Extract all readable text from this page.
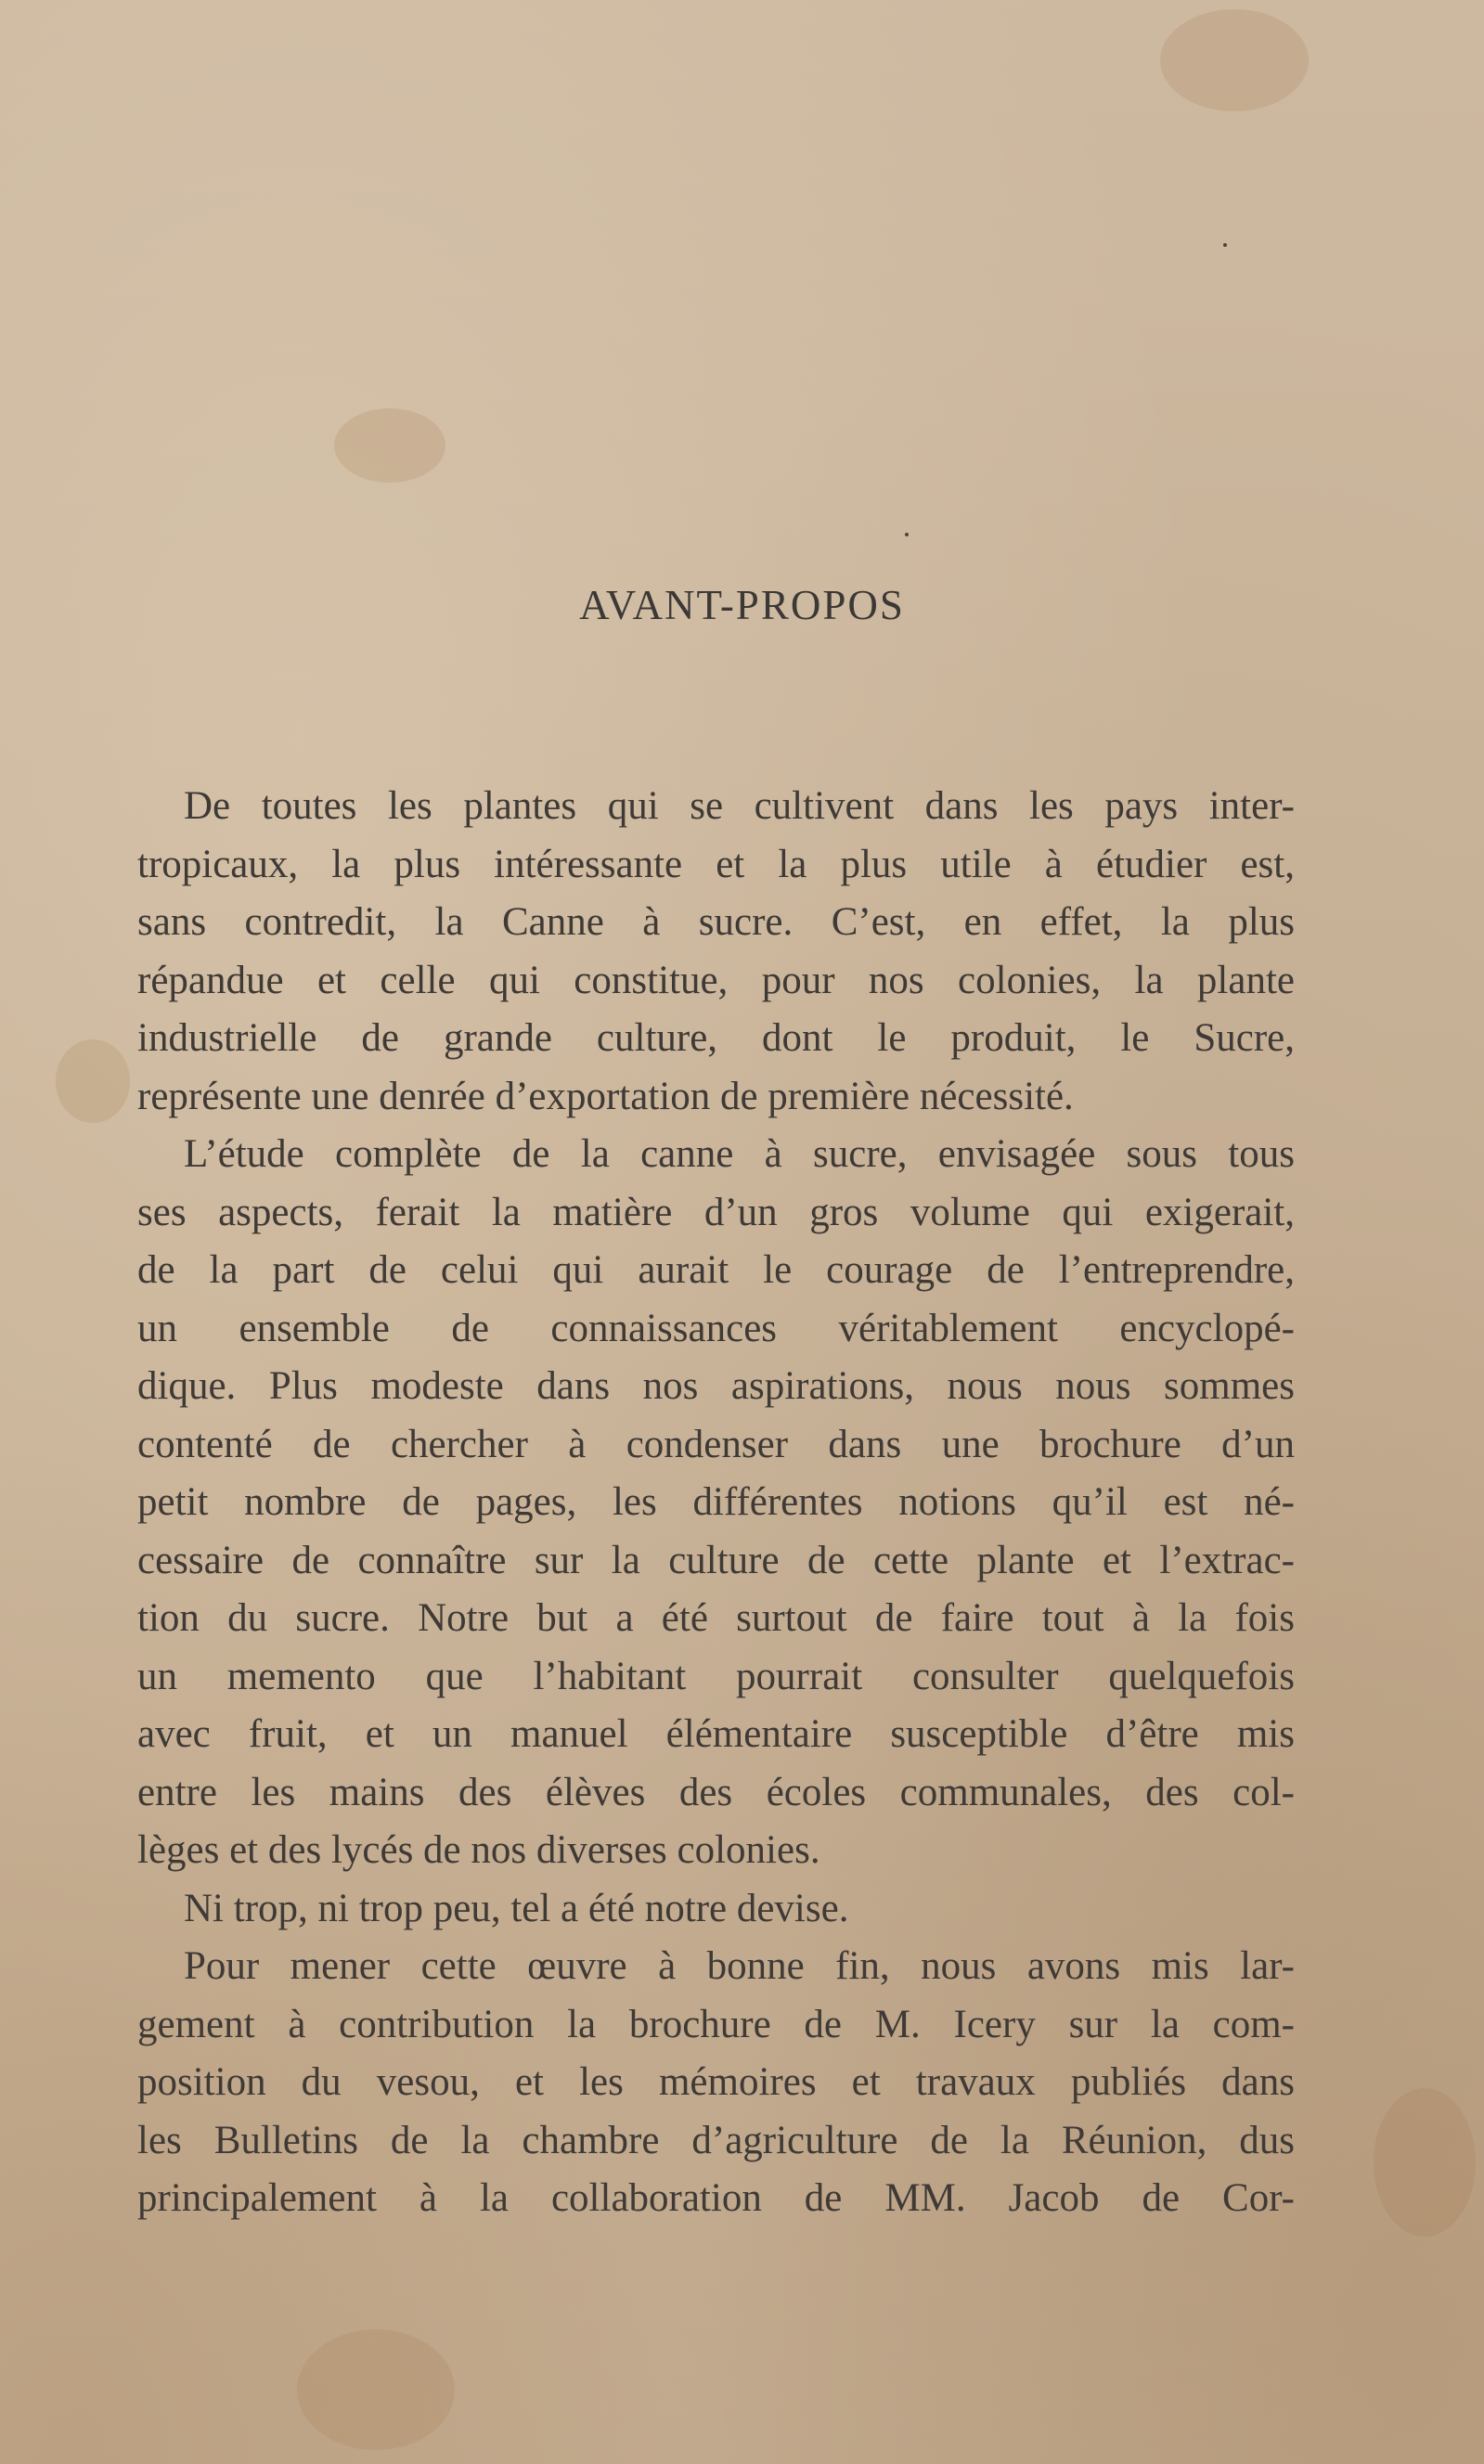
AVANT-PROPOS
De toutes les plantes qui se cultivent dans les pays inter-
tropicaux, la plus intéressante et la plus utile à étudier est,
sans contredit, la Canne à sucre. C’est, en effet, la plus
répandue et celle qui constitue, pour nos colonies, la plante
industrielle de grande culture, dont le produit, le Sucre,
représente une denrée d’exportation de première nécessité.
L’étude complète de la canne à sucre, envisagée sous tous
ses aspects, ferait la matière d’un gros volume qui exigerait,
de la part de celui qui aurait le courage de l’entreprendre,
un ensemble de connaissances véritablement encyclopé-
dique. Plus modeste dans nos aspirations, nous nous sommes
contenté de chercher à condenser dans une brochure d’un
petit nombre de pages, les différentes notions qu’il est né-
cessaire de connaître sur la culture de cette plante et l’extrac-
tion du sucre. Notre but a été surtout de faire tout à la fois
un memento que l’habitant pourrait consulter quelquefois
avec fruit, et un manuel élémentaire susceptible d’être mis
entre les mains des élèves des écoles communales, des col-
lèges et des lycés de nos diverses colonies.
Ni trop, ni trop peu, tel a été notre devise.
Pour mener cette œuvre à bonne fin, nous avons mis lar-
gement à contribution la brochure de M. Icery sur la com-
position du vesou, et les mémoires et travaux publiés dans
les Bulletins de la chambre d’agriculture de la Réunion, dus
principalement à la collaboration de MM. Jacob de Cor-
